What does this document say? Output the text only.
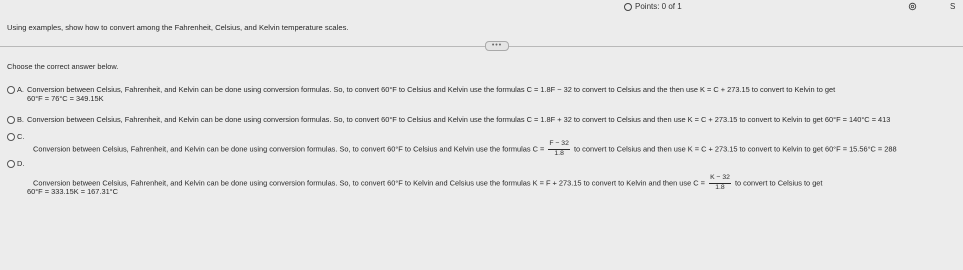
Points: 0 of 1	S
Using examples, show how to convert among the Fahrenheit, Celsius, and Kelvin temperature scales.
•••
Choose the correct answer below.
A. Conversion between Celsius, Fahrenheit, and Kelvin can be done using conversion formulas. So, to convert 60°F to Celsius and Kelvin use the formulas C = 1.8F − 32 to convert to Celsius and the then use K = C + 273.15 to convert to Kelvin to get
60°F = 76°C = 349.15K
B. Conversion between Celsius, Fahrenheit, and Kelvin can be done using conversion formulas. So, to convert 60°F to Celsius and Kelvin use the formulas C = 1.8F + 32 to convert to Celsius and then use K = C + 273.15 to convert to Kelvin to get 60°F = 140°C = 413
C.
Conversion between Celsius, Fahrenheit, and Kelvin can be done using conversion formulas. So, to convert 60°F to Celsius and Kelvin use the formulas $C = \frac{F - 32}{1.8}$ to convert to Celsius and then use K = C + 273.15 to convert to Kelvin to get 60°F = 15.56°C = 288
D.
Conversion between Celsius, Fahrenheit, and Kelvin can be done using conversion formulas. So, to convert 60°F to Kelvin and Celsius use the formulas K = F + 273.15 to convert to Kelvin and then use $C = \frac{K - 32}{1.8}$ to convert to Celsius to get
60°F = 333.15K = 167.31°C
